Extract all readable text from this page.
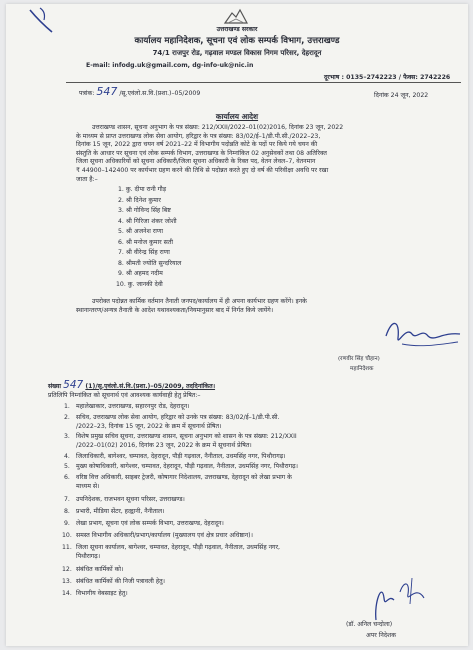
उत्तराखण्ड सरकार
कार्यालय महानिदेशक, सूचना एवं लोक सम्पर्क विभाग, उत्तराखण्ड
74/1 राजपुर रोड, गढ़वाल मण्डल विकास निगम परिसर, देहरादून
E-mail: infodg.uk@gmail.com, dg-info-uk@nic.in
दूरभाष : 0135–2742223 / फैक्स: 2742226
पत्रांक: 547 /सू.एवंलो.स.वि.(प्रशा.)–05/2009	दिनांक 24 जून, 2022
कार्यालय आदेश
उत्तराखण्ड शासन, सूचना अनुभाग के पत्र संख्या: 212/XXII/2022–01(02)2016, दिनांक 23 जून, 2022
के माध्यम से प्राप्त उत्तराखण्ड लोक सेवा आयोग, हरिद्वार के पत्र संख्या: 83/02/ई–1/डी.पी.सी./2022–23,
दिनांक 15 जून, 2022 द्वारा चयन वर्ष 2021–22 में विभागीय पदोन्नति कोटे के पदों पर किये गये चयन की
संस्तुति के आधार पर सूचना एवं लोक सम्पर्क विभाग, उत्तराखण्ड के निम्नांकित 02 अनुसेवकों तथा 08 अतिरिक्त
जिला सूचना अधिकारियों को सूचना अधिकारी/जिला सूचना अधिकारी के रिक्त पद, वेतन लेवल–7, वेतनमान
₹ 44900–142400 पर कार्यभार ग्रहण करने की तिथि से पदोन्नत करते हुए दो वर्ष की परिवीक्षा अवधि पर रखा
जाता है:–
1. कु. दीपा रानी गौड़
2. श्री दिनेश कुमार
3. श्री गोविन्द सिंह बिष्ट
4. श्री गिरिजा शंकर जोशी
5. श्री अजनेश राणा
6. श्री मनोज कुमार सती
7. श्री वीरेन्द्र सिंह राणा
8. श्रीमती ज्योति सुन्दरियाल
9. श्री अहमद नदीम
10. कु. जानकी देवी
उपरोक्त पदोन्नत कार्मिक वर्तमान तैनाती जनपद/कार्यालय में ही अपना कार्यभार ग्रहण करेंगे। इनके
स्थानान्तरण/अन्यत्र तैनाती के आदेश यथावश्यकता/नियमानुसार बाद में निर्गत किये जायेंगे।
(रणवीर सिंह चौहान)
महानिदेशक
संख्या 547 (1)/सू.एवंलो.सं.वि.(प्रशा.)–05/2009, तददिनांकित।
प्रतिलिपि निम्नांकित को सूचनार्थ एवं आवश्यक कार्यवाही हेतु प्रेषित:–
1. महालेखाकार, उत्तराखण्ड, सहारनपुर रोड, देहरादून।
2. सचिव, उत्तराखण्ड लोक सेवा आयोग, हरिद्वार को उनके पत्र संख्या: 83/02/ई–1/डी.पी.सी.
/2022–23, दिनांक 15 जून, 2022 के क्रम में सूचनार्थ प्रेषित।
3. विशेष प्रमुख सचिव सूचना, उत्तराखण्ड शासन, सूचना अनुभाग को शासन के पत्र संख्या: 212/XXII
/2022–01(02) 2016, दिनांक 23 जून, 2022 के क्रम में सूचनार्थ प्रेषित।
4. जिलाधिकारी, बागेश्वर, चम्पावत, देहरादून, पौड़ी गढ़वाल, नैनीताल, उधमसिंह नगर, पिथौरागढ़।
5. मुख्य कोषाधिकारी, बागेश्वर, चम्पावत, देहरादून, पौड़ी गढ़वाल, नैनीताल, उधमसिंह नगर, पिथौरागढ़।
6. वरिष्ठ वित्त अधिकारी, साइबर ट्रेजरी, कोषागार निदेशालय, उत्तराखण्ड, देहरादून को लेखा प्रभाग के
माध्यम से।
7. उपनिदेशक, राजभवन सूचना परिसर, उत्तराखण्ड।
8. प्रभारी, मीडिया सेंटर, हल्द्वानी, नैनीताल।
9. लेखा प्रभाग, सूचना एवं लोक सम्पर्क विभाग, उत्तराखण्ड, देहरादून।
10. समस्त विभागीय अधिकारी/प्रभाग/कार्यालय (मुख्यालय एवं क्षेत्र प्रचार अधिष्ठान)।
11. जिला सूचना कार्यालय, बागेश्वर, चम्पावत, देहरादून, पौड़ी गढ़वाल, नैनीताल, उधमसिंह नगर,
पिथौरागढ़।
12. संबंधित कार्मिकों को।
13. संबंधित कार्मिकों की निजी पत्रावली हेतु।
14. विभागीय वेबसाइट हेतु।
(डॉ. अनिल चन्दोला)
अपर निदेशक
